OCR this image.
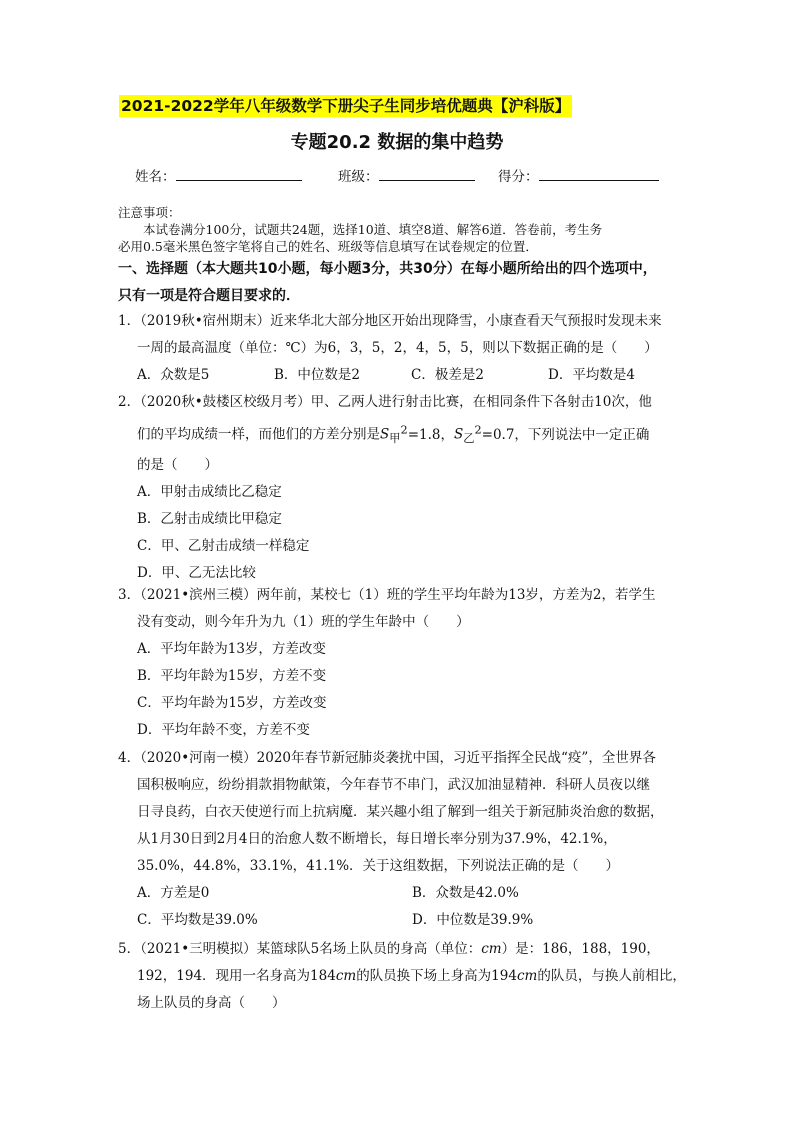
2021-2022学年八年级数学下册尖子生同步培优题典【沪科版】
专题20.2 数据的集中趋势
姓名：	班级：	得分：
注意事项：
本试卷满分100分，试题共24题，选择10道、填空8道、解答6道．答卷前，考生务
必用0.5毫米黑色签字笔将自己的姓名、班级等信息填写在试卷规定的位置．
一、选择题（本大题共10小题，每小题3分，共30分）在每小题所给出的四个选项中，
只有一项是符合题目要求的．
1．（2019秋•宿州期末）近来华北大部分地区开始出现降雪，小康查看天气预报时发现未来
一周的最高温度（单位：℃）为6，3，5，2，4，5，5，则以下数据正确的是（　　）
A．众数是5	B．中位数是2	C．极差是2	D．平均数是4
2．（2020秋•鼓楼区校级月考）甲、乙两人进行射击比赛，在相同条件下各射击10次，他
们的平均成绩一样，而他们的方差分别是$S_甲^2=1.8$，$S_乙^2=0.7$，下列说法中一定正确
的是（　　）
A．甲射击成绩比乙稳定
B．乙射击成绩比甲稳定
C．甲、乙射击成绩一样稳定
D．甲、乙无法比较
3．（2021•滨州三模）两年前，某校七（1）班的学生平均年龄为13岁，方差为2，若学生
没有变动，则今年升为九（1）班的学生年龄中（　　）
A．平均年龄为13岁，方差改变
B．平均年龄为15岁，方差不变
C．平均年龄为15岁，方差改变
D．平均年龄不变，方差不变
4．（2020•河南一模）2020年春节新冠肺炎袭扰中国，习近平指挥全民战“疫”，全世界各
国积极响应，纷纷捐款捐物献策，今年春节不串门，武汉加油显精神．科研人员夜以继
日寻良药，白衣天使逆行而上抗病魔．某兴趣小组了解到一组关于新冠肺炎治愈的数据，
从1月30日到2月4日的治愈人数不断增长，每日增长率分别为37.9%，42.1%，
35.0%，44.8%，33.1%，41.1%．关于这组数据，下列说法正确的是（　　）
A．方差是0	B．众数是42.0%
C．平均数是39.0%	D．中位数是39.9%
5．（2021•三明模拟）某篮球队5名场上队员的身高（单位：cm）是：186，188，190，
192，194．现用一名身高为184cm的队员换下场上身高为194cm的队员，与换人前相比，
场上队员的身高（　　）
